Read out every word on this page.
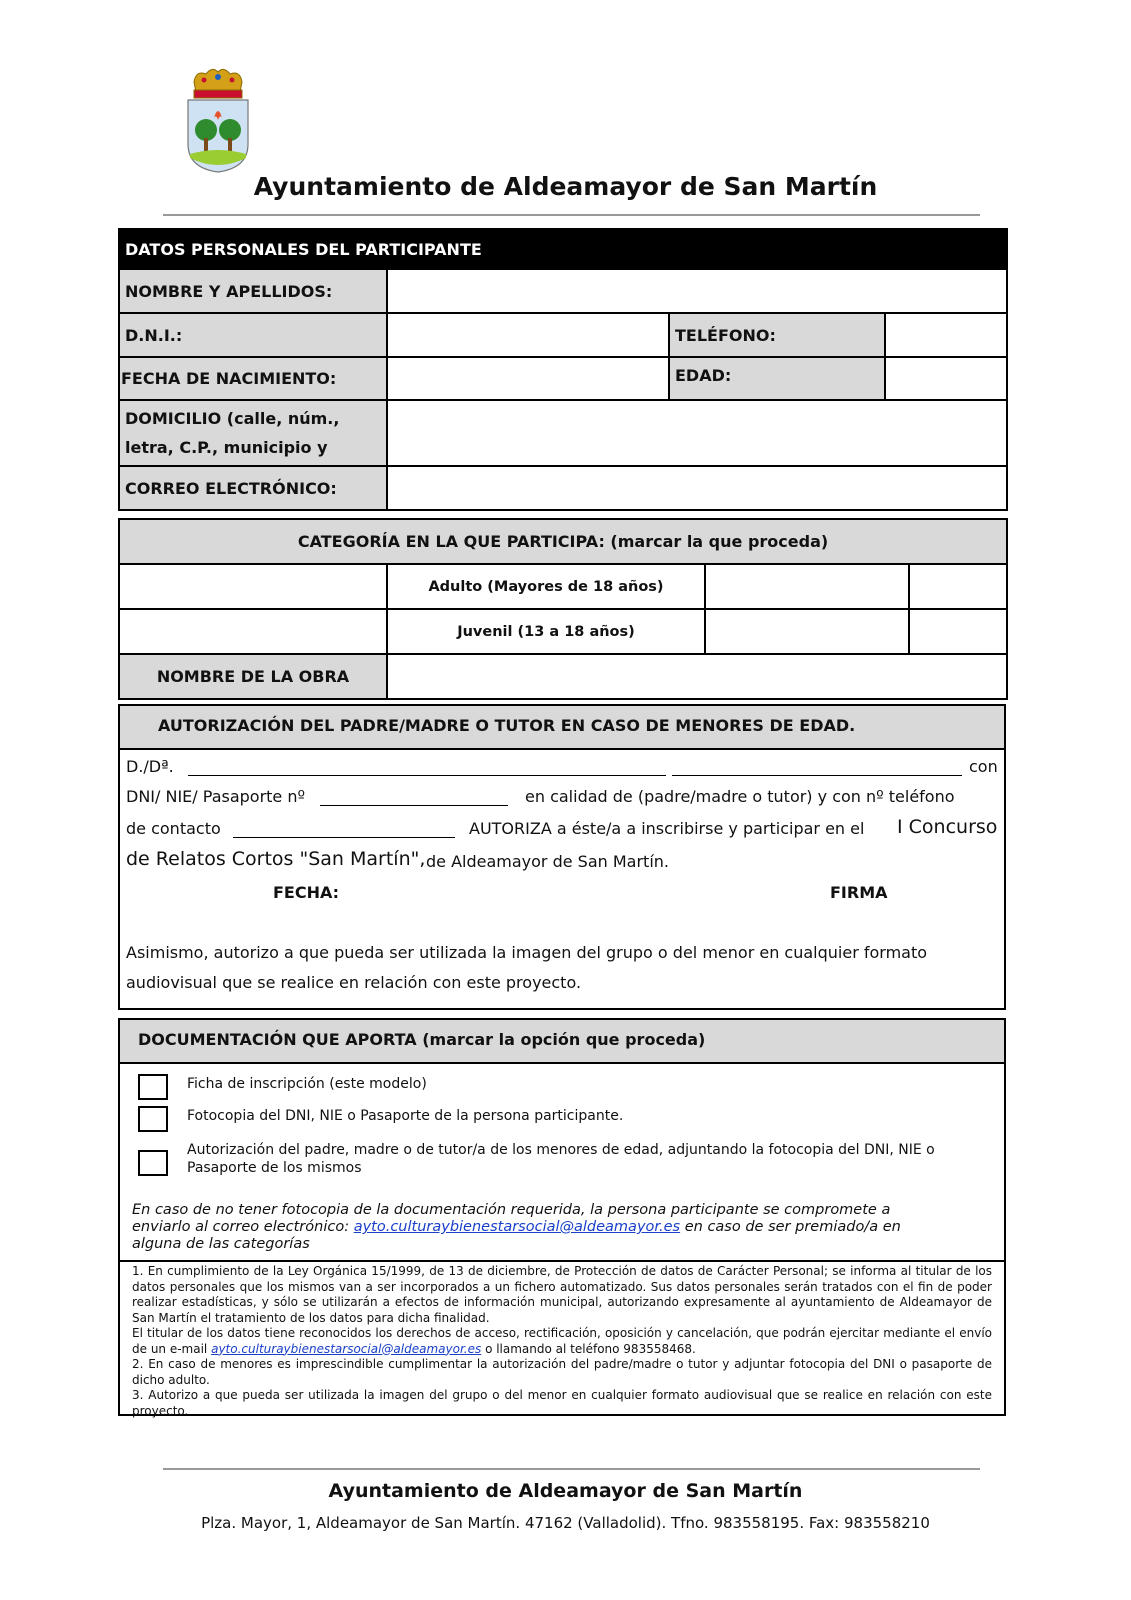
Ayuntamiento de Aldeamayor de San Martín
DATOS PERSONALES DEL PARTICIPANTE			
NOMBRE Y APELLIDOS:			
D.N.I.:		TELÉFONO:	
FECHA DE NACIMIENTO:		EDAD:	

DOMICILIO (calle, núm.,
letra, C.P., municipio y			

CORREO ELECTRÓNICO:			
CATEGORÍA EN LA QUE PARTICIPA: (marcar la que proceda)			
	Adulto (Mayores de 18 años)		
	Juvenil (13 a 18 años)		
NOMBRE DE LA OBRA			
AUTORIZACIÓN DEL PADRE/MADRE O TUTOR EN CASO DE MENORES DE EDAD.
D./Dª.	con
DNI/ NIE/ Pasaporte nº	en calidad de (padre/madre o tutor) y con nº teléfono
de contacto	AUTORIZA a éste/a a inscribirse y participar en el I Concurso
de Relatos Cortos "San Martín", de Aldeamayor de San Martín.
FECHA:	FIRMA
Asimismo, autorizo a que pueda ser utilizada la imagen del grupo o del menor en cualquier formato
audiovisual que se realice en relación con este proyecto.
DOCUMENTACIÓN QUE APORTA (marcar la opción que proceda)
Ficha de inscripción (este modelo)
Fotocopia del DNI, NIE o Pasaporte de la persona participante.
Autorización del padre, madre o de tutor/a de los menores de edad, adjuntando la fotocopia del DNI, NIE o
Pasaporte de los mismos
En caso de no tener fotocopia de la documentación requerida, la persona participante se compromete a
enviarlo al correo electrónico: ayto.culturaybienestarsocial@aldeamayor.es en caso de ser premiado/a en
alguna de las categorías

1. En cumplimiento de la Ley Orgánica 15/1999, de 13 de diciembre, de Protección de datos de Carácter Personal; se informa al titular de los datos personales que los mismos van a ser incorporados a un fichero automatizado. Sus datos personales serán tratados con el fin de poder realizar estadísticas, y sólo se utilizarán a efectos de información municipal, autorizando expresamente al ayuntamiento de Aldeamayor de San Martín el tratamiento de los datos para dicha finalidad.

El titular de los datos tiene reconocidos los derechos de acceso, rectificación, oposición y cancelación, que podrán ejercitar mediante el envío de un e-mail ayto.culturaybienestarsocial@aldeamayor.es o llamando al teléfono 983558468.

2. En caso de menores es imprescindible cumplimentar la autorización del padre/madre o tutor y adjuntar fotocopia del DNI o pasaporte de dicho adulto.

3. Autorizo a que pueda ser utilizada la imagen del grupo o del menor en cualquier formato audiovisual que se realice en relación con este proyecto.

Ayuntamiento de Aldeamayor de San Martín
Plza. Mayor, 1, Aldeamayor de San Martín. 47162 (Valladolid). Tfno. 983558195. Fax: 983558210
